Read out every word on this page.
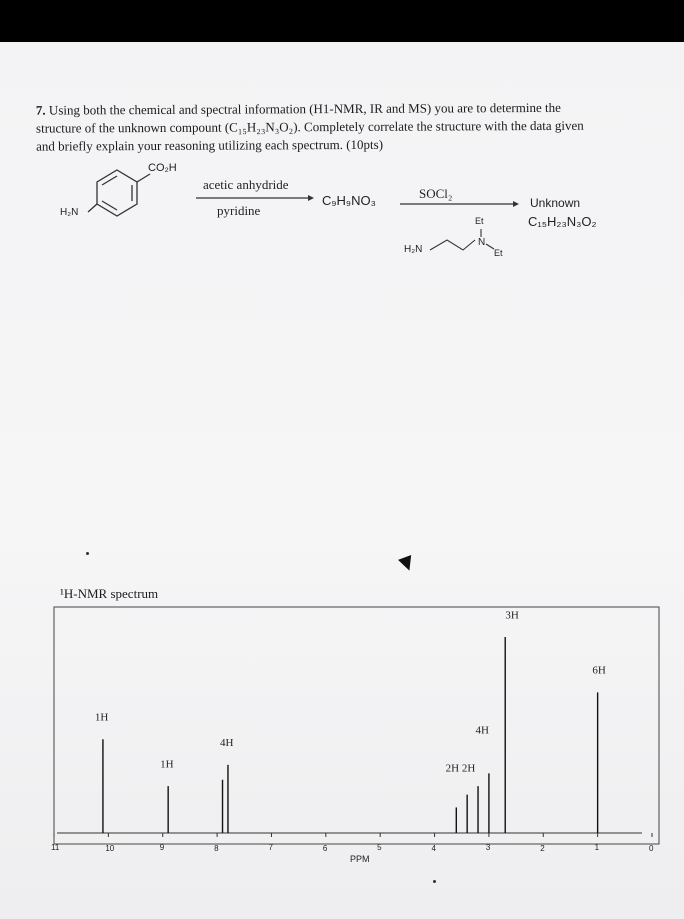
7. Using both the chemical and spectral information (H1-NMR, IR and MS) you are to determine the
structure of the unknown compount (C₁₅H₂₃N₃O₂). Completely correlate the structure with the data given
and briefly explain your reasoning utilizing each spectrum. (10pts)
CO₂H
H₂N
acetic anhydride
pyridine
C₉H₉NO₃	SOCl₂
Et
N
Et
H₂N
Unknown
C₁₅H₂₃N₃O₂
¹H-NMR spectrum
11	10	9	8	7	6	5	4	3	2	1	0
1H
1H
4H
2H 2H
4H
3H
6H
PPM
